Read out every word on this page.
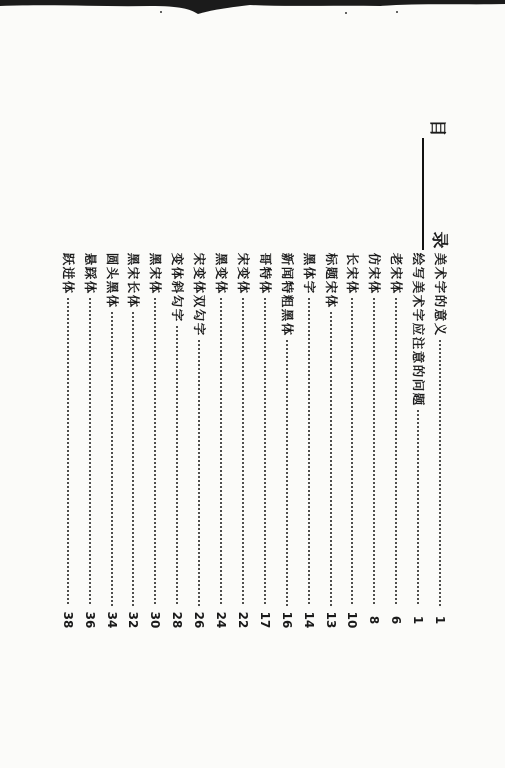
目
录
美
术
字
的
意
义
1
绘
写
美
术
字
应
注
意
的
问
题
1
老
宋
体
6
仿
宋
体
8
长
宋
体
10
标
题
宋
体
13
黑
体
字
14
新
闻
特
粗
黑
体
16
哥
特
体
17
宋
变
体
22
黑
变
体
24
宋
变
体
双
勾
字
26
变
体
斜
勾
字
28
黑
宋
体
30
黑
宋
长
体
32
圆
头
黑
体
34
悬
踩
体
36
跃
进
体
38
